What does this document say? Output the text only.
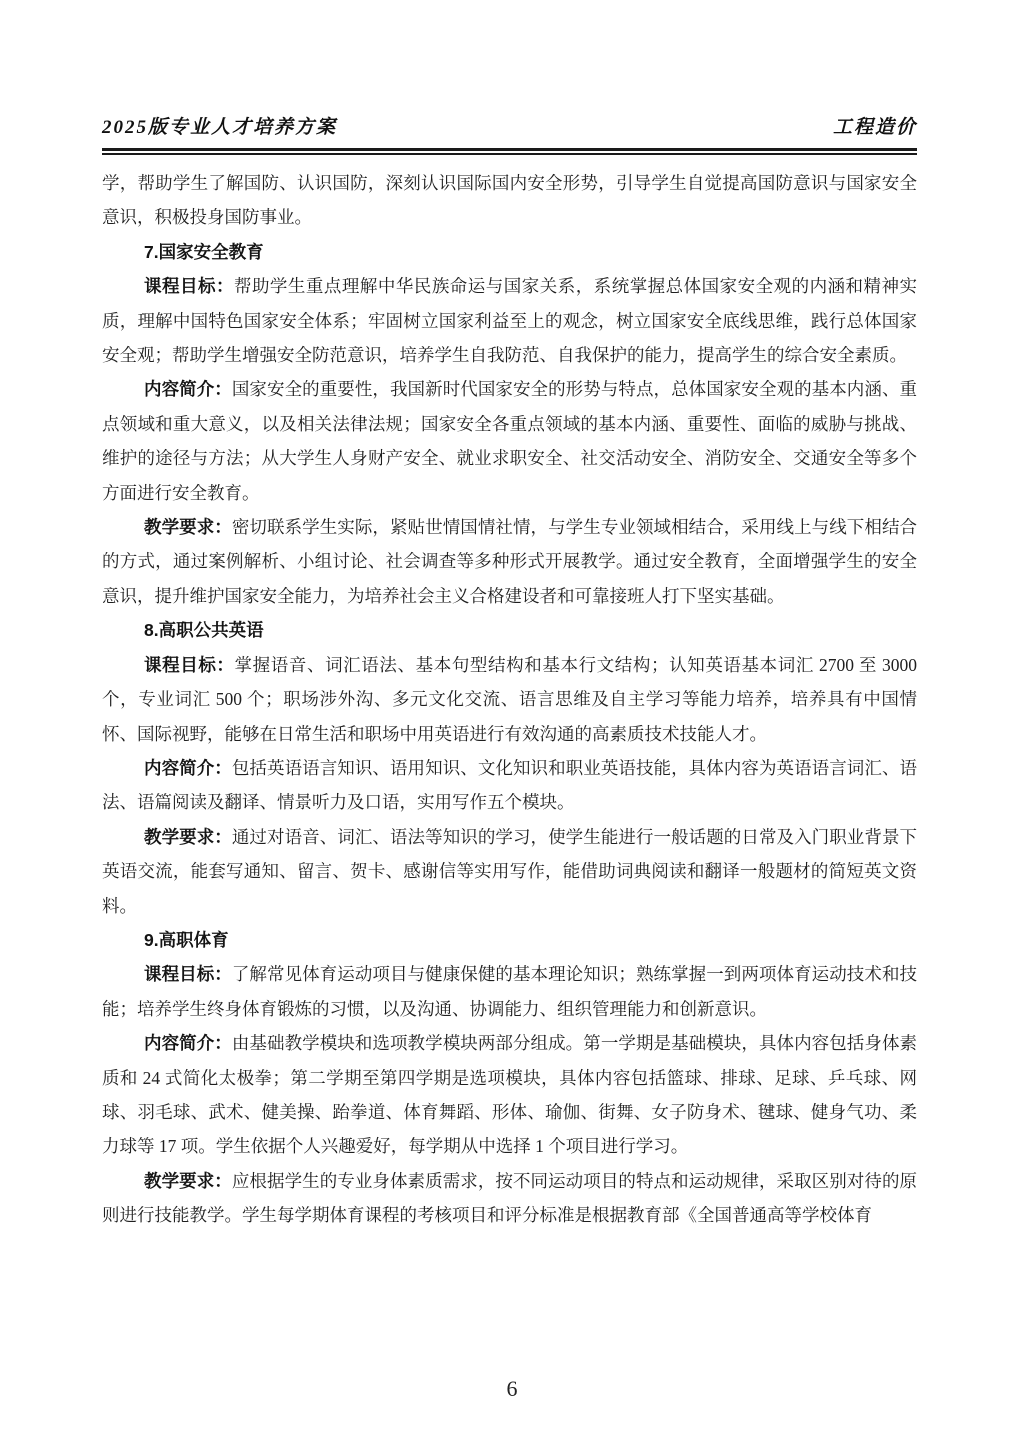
2025版专业人才培养方案	工程造价

学，帮助学生了解国防、认识国防，深刻认识国际国内安全形势，引导学生自觉提高国防意识与国家安全意识，积极投身国防事业。

7.国家安全教育

课程目标：帮助学生重点理解中华民族命运与国家关系，系统掌握总体国家安全观的内涵和精神实质，理解中国特色国家安全体系；牢固树立国家利益至上的观念，树立国家安全底线思维，践行总体国家安全观；帮助学生增强安全防范意识，培养学生自我防范、自我保护的能力，提高学生的综合安全素质。

内容简介：国家安全的重要性，我国新时代国家安全的形势与特点，总体国家安全观的基本内涵、重点领域和重大意义，以及相关法律法规；国家安全各重点领域的基本内涵、重要性、面临的威胁与挑战、维护的途径与方法；从大学生人身财产安全、就业求职安全、社交活动安全、消防安全、交通安全等多个方面进行安全教育。

教学要求：密切联系学生实际，紧贴世情国情社情，与学生专业领域相结合，采用线上与线下相结合的方式，通过案例解析、小组讨论、社会调查等多种形式开展教学。通过安全教育，全面增强学生的安全意识，提升维护国家安全能力，为培养社会主义合格建设者和可靠接班人打下坚实基础。

8.高职公共英语

课程目标：掌握语音、词汇语法、基本句型结构和基本行文结构；认知英语基本词汇 2700 至 3000 个，专业词汇 500 个；职场涉外沟、多元文化交流、语言思维及自主学习等能力培养，培养具有中国情怀、国际视野，能够在日常生活和职场中用英语进行有效沟通的高素质技术技能人才。

内容简介：包括英语语言知识、语用知识、文化知识和职业英语技能，具体内容为英语语言词汇、语法、语篇阅读及翻译、情景听力及口语，实用写作五个模块。

教学要求：通过对语音、词汇、语法等知识的学习，使学生能进行一般话题的日常及入门职业背景下英语交流，能套写通知、留言、贺卡、感谢信等实用写作，能借助词典阅读和翻译一般题材的简短英文资料。

9.高职体育

课程目标：了解常见体育运动项目与健康保健的基本理论知识；熟练掌握一到两项体育运动技术和技能；培养学生终身体育锻炼的习惯，以及沟通、协调能力、组织管理能力和创新意识。

内容简介：由基础教学模块和选项教学模块两部分组成。第一学期是基础模块，具体内容包括身体素质和 24 式简化太极拳；第二学期至第四学期是选项模块，具体内容包括篮球、排球、足球、乒乓球、网球、羽毛球、武术、健美操、跆拳道、体育舞蹈、形体、瑜伽、街舞、女子防身术、毽球、健身气功、柔力球等 17 项。学生依据个人兴趣爱好，每学期从中选择 1 个项目进行学习。

教学要求：应根据学生的专业身体素质需求，按不同运动项目的特点和运动规律，采取区别对待的原则进行技能教学。学生每学期体育课程的考核项目和评分标准是根据教育部《全国普通高等学校体育

6
